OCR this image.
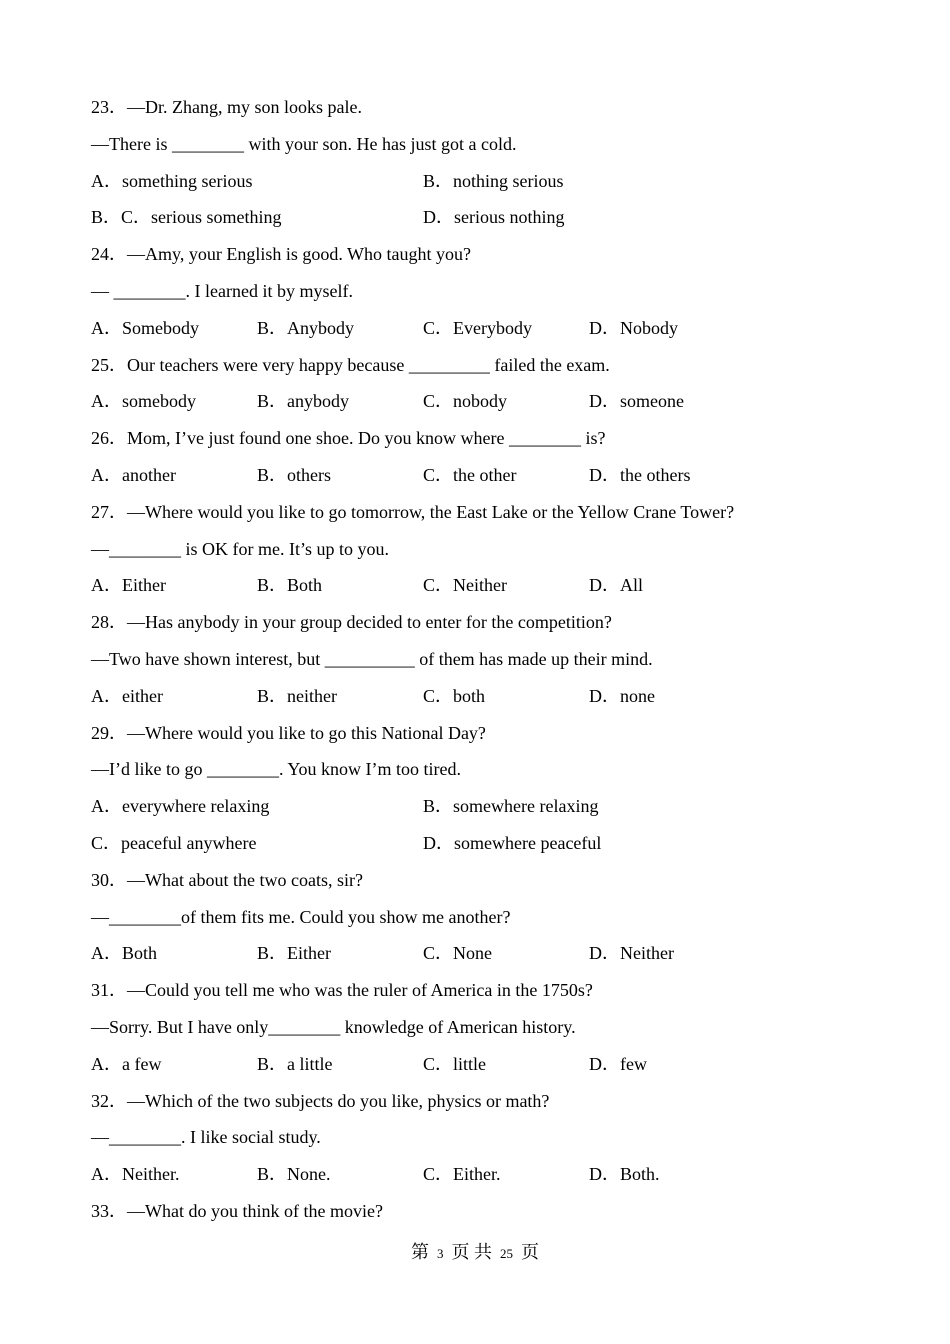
23．—Dr. Zhang, my son looks pale.
—There is ________ with your son. He has just got a cold.
A．something serious	B．nothing serious
B．C．serious something	D．serious nothing
24．—Amy, your English is good. Who taught you?
— ________. I learned it by myself.
A．Somebody	B．Anybody	C．Everybody	D．Nobody
25．Our teachers were very happy because _________ failed the exam.
A．somebody	B．anybody	C．nobody	D．someone
26．Mom, I’ve just found one shoe. Do you know where ________ is?
A．another	B．others	C．the other	D．the others
27．—Where would you like to go tomorrow, the East Lake or the Yellow Crane Tower?
—________ is OK for me. It’s up to you.
A．Either	B．Both	C．Neither	D．All
28．—Has anybody in your group decided to enter for the competition?
—Two have shown interest, but __________ of them has made up their mind.
A．either	B．neither	C．both	D．none
29．—Where would you like to go this National Day?
—I’d like to go ________. You know I’m too tired.
A．everywhere relaxing	B．somewhere relaxing
C．peaceful anywhere	D．somewhere peaceful
30．—What about the two coats, sir?
—________of them fits me. Could you show me another?
A．Both	B．Either	C．None	D．Neither
31．—Could you tell me who was the ruler of America in the 1750s?
—Sorry. But I have only________ knowledge of American history.
A．a few	B．a little	C．little	D．few
32．—Which of the two subjects do you like, physics or math?
—________. I like social study.
A．Neither.	B．None.	C．Either.	D．Both.
33．—What do you think of the movie?
第 3 页 共 25 页
